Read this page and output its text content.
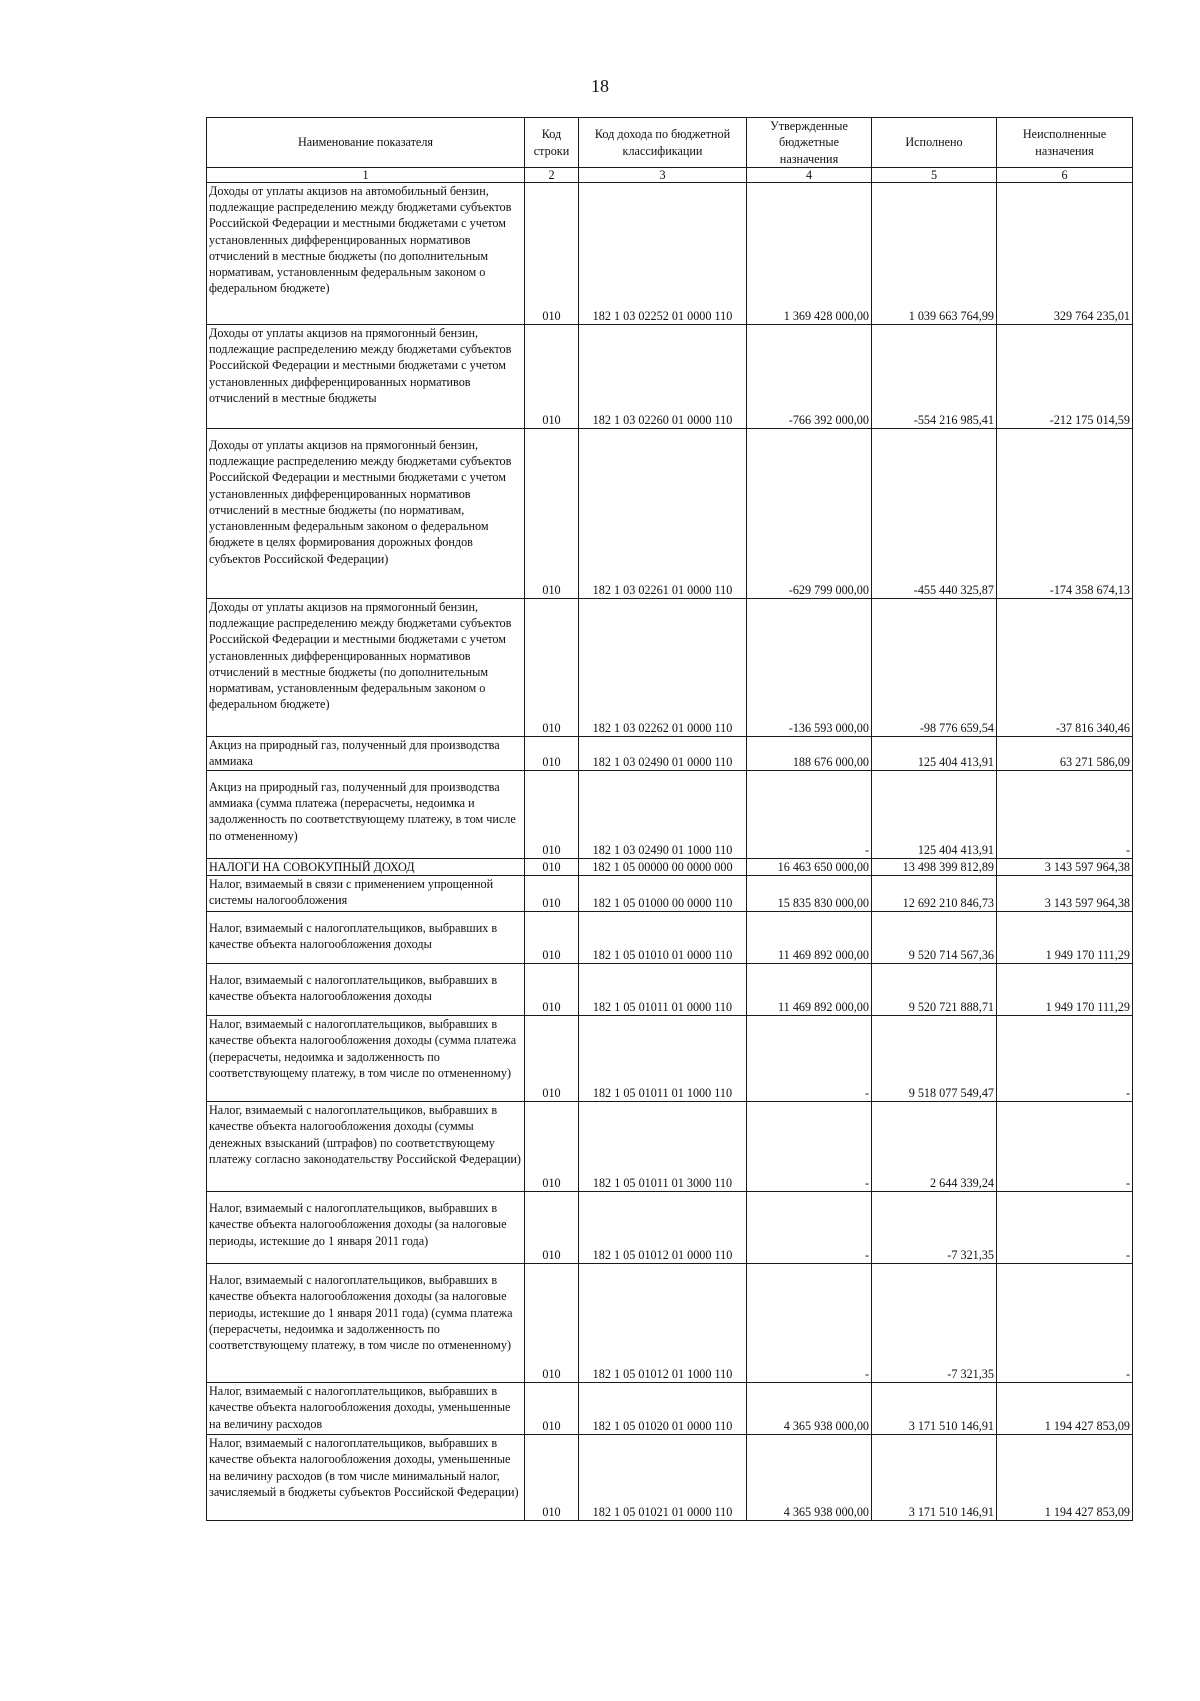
18
Наименование показателя	Код строки	Код дохода по бюджетной классификации	Утвержденные бюджетные назначения	Исполнено	Неисполненные назначения
1	2	3	4	5	6
Доходы от уплаты акцизов на автомобильный бензин, подлежащие распределению между бюджетами субъектов Российской Федерации и местными бюджетами с учетом установленных дифференцированных нормативов отчислений в местные бюджеты (по дополнительным нормативам, установленным федеральным законом о федеральном бюджете)	010	182 1 03 02252 01 0000 110	1 369 428 000,00	1 039 663 764,99	329 764 235,01
Доходы от уплаты акцизов на прямогонный бензин, подлежащие распределению между бюджетами субъектов Российской Федерации и местными бюджетами с учетом установленных дифференцированных нормативов отчислений в местные бюджеты	010	182 1 03 02260 01 0000 110	-766 392 000,00	-554 216 985,41	-212 175 014,59
Доходы от уплаты акцизов на прямогонный бензин, подлежащие распределению между бюджетами субъектов Российской Федерации и местными бюджетами с учетом установленных дифференцированных нормативов отчислений в местные бюджеты (по нормативам, установленным федеральным законом о федеральном бюджете в целях формирования дорожных фондов субъектов Российской Федерации)	010	182 1 03 02261 01 0000 110	-629 799 000,00	-455 440 325,87	-174 358 674,13
Доходы от уплаты акцизов на прямогонный бензин, подлежащие распределению между бюджетами субъектов Российской Федерации и местными бюджетами с учетом установленных дифференцированных нормативов отчислений в местные бюджеты (по дополнительным нормативам, установленным федеральным законом о федеральном бюджете)	010	182 1 03 02262 01 0000 110	-136 593 000,00	-98 776 659,54	-37 816 340,46
Акциз на природный газ, полученный для производства аммиака	010	182 1 03 02490 01 0000 110	188 676 000,00	125 404 413,91	63 271 586,09
Акциз на природный газ, полученный для производства аммиака (сумма платежа (перерасчеты, недоимка и задолженность по соответствующему платежу, в том числе по отмененному)	010	182 1 03 02490 01 1000 110	-	125 404 413,91	-
НАЛОГИ НА СОВОКУПНЫЙ ДОХОД	010	182 1 05 00000 00 0000 000	16 463 650 000,00	13 498 399 812,89	3 143 597 964,38
Налог, взимаемый в связи с применением упрощенной системы налогообложения	010	182 1 05 01000 00 0000 110	15 835 830 000,00	12 692 210 846,73	3 143 597 964,38
Налог, взимаемый с налогоплательщиков, выбравших в качестве объекта налогообложения доходы	010	182 1 05 01010 01 0000 110	11 469 892 000,00	9 520 714 567,36	1 949 170 111,29
Налог, взимаемый с налогоплательщиков, выбравших в качестве объекта налогообложения доходы	010	182 1 05 01011 01 0000 110	11 469 892 000,00	9 520 721 888,71	1 949 170 111,29
Налог, взимаемый с налогоплательщиков, выбравших в качестве объекта налогообложения доходы (сумма платежа (перерасчеты, недоимка и задолженность по соответствующему платежу, в том числе по отмененному)	010	182 1 05 01011 01 1000 110	-	9 518 077 549,47	-
Налог, взимаемый с налогоплательщиков, выбравших в качестве объекта налогообложения доходы (суммы денежных взысканий (штрафов) по соответствующему платежу согласно законодательству Российской Федерации)	010	182 1 05 01011 01 3000 110	-	2 644 339,24	-
Налог, взимаемый с налогоплательщиков, выбравших в качестве объекта налогообложения доходы (за налоговые периоды, истекшие до 1 января 2011 года)	010	182 1 05 01012 01 0000 110	-	-7 321,35	-
Налог, взимаемый с налогоплательщиков, выбравших в качестве объекта налогообложения доходы (за налоговые периоды, истекшие до 1 января 2011 года) (сумма платежа (перерасчеты, недоимка и задолженность по соответствующему платежу, в том числе по отмененному)	010	182 1 05 01012 01 1000 110	-	-7 321,35	-
Налог, взимаемый с налогоплательщиков, выбравших в качестве объекта налогообложения доходы, уменьшенные на величину расходов	010	182 1 05 01020 01 0000 110	4 365 938 000,00	3 171 510 146,91	1 194 427 853,09
Налог, взимаемый с налогоплательщиков, выбравших в качестве объекта налогообложения доходы, уменьшенные на величину расходов (в том числе минимальный налог, зачисляемый в бюджеты субъектов Российской Федерации)	010	182 1 05 01021 01 0000 110	4 365 938 000,00	3 171 510 146,91	1 194 427 853,09
